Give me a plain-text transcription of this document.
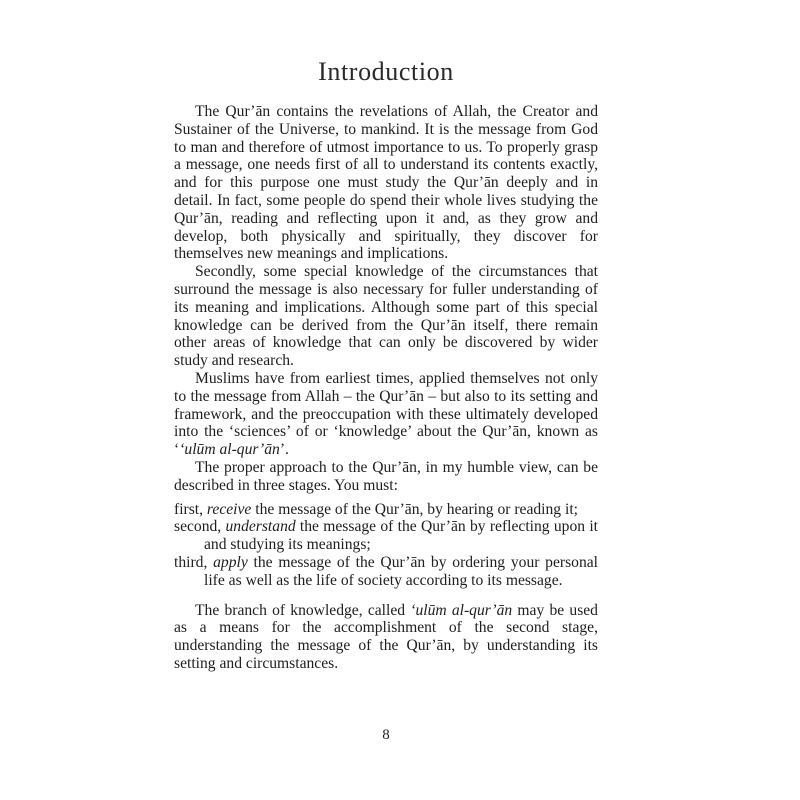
Introduction

The Qur’ān contains the revelations of Allah, the Creator and Sustainer of the Universe, to mankind. It is the message from God to man and therefore of utmost importance to us. To properly grasp a message, one needs first of all to understand its contents exactly, and for this purpose one must study the Qur’ān deeply and in detail. In fact, some people do spend their whole lives studying the Qur’ān, reading and reflecting upon it and, as they grow and develop, both physically and spiritually, they discover for themselves new meanings and implications.

Secondly, some special knowledge of the circumstances that surround the message is also necessary for fuller understanding of its meaning and implications. Although some part of this special knowledge can be derived from the Qur’ān itself, there remain other areas of knowledge that can only be discovered by wider study and research.

Muslims have from earliest times, applied themselves not only to the message from Allah – the Qur’ān – but also to its setting and framework, and the preoccupation with these ultimately developed into the ‘sciences’ of or ‘knowledge’ about the Qur’ān, known as ‘‘ulūm al-qur’ān’.

The proper approach to the Qur’ān, in my humble view, can be described in three stages. You must:

first, receive the message of the Qur’ān, by hearing or reading it;

second, understand the message of the Qur’ān by reflecting upon it and studying its meanings;

third, apply the message of the Qur’ān by ordering your personal life as well as the life of society according to its message.

The branch of knowledge, called ‘ulūm al-qur’ān may be used as a means for the accomplishment of the second stage, understanding the message of the Qur’ān, by understanding its setting and circumstances.

8
